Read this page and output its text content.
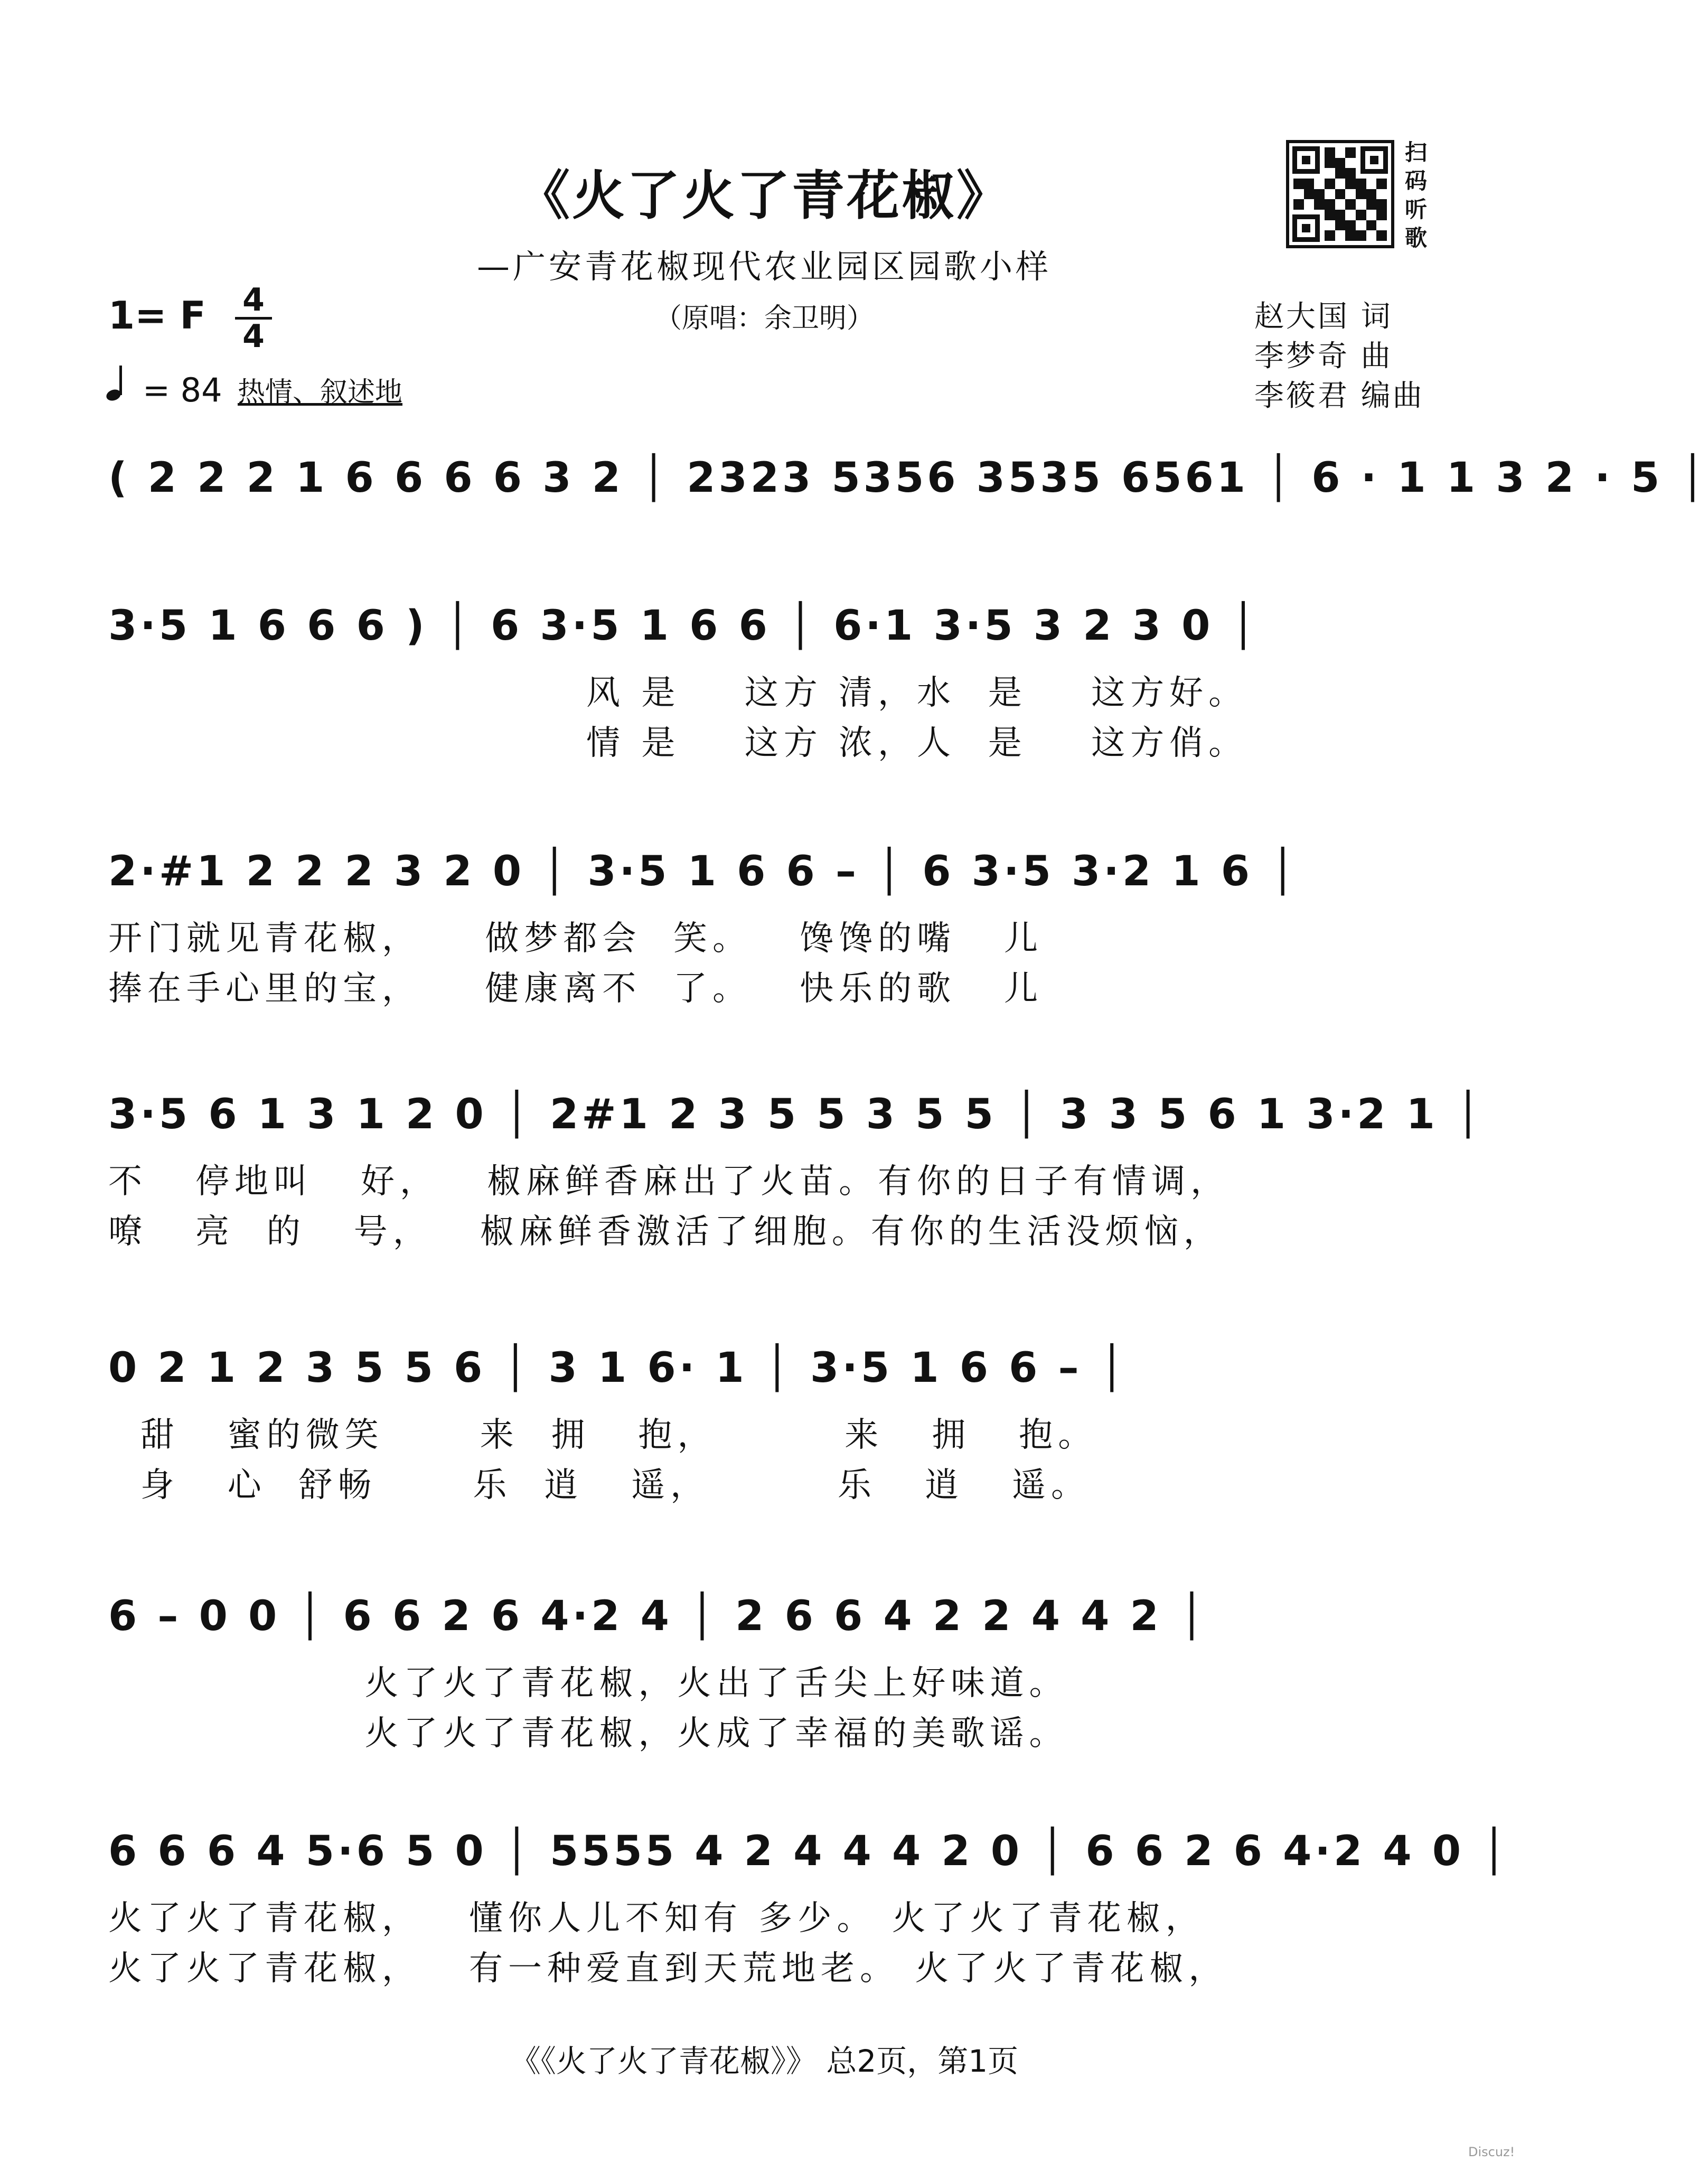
《火了火了青花椒》
—广安青花椒现代农业园区园歌小样
（原唱：余卫明）
1= F 4
4
= 84 热情、叙述地
赵大国 词
李梦奇 曲
李筱君 编曲
扫码听歌
( 2 2 2 1 6 6 6 6 3 2 │ 2323 5356 3535 6561 │ 6 · 1 1 3 2 · 5 │
3·5 1 6 6 6 ) │ 6 3·5 1 6 6 │ 6·1 3·5 3 2 3 0 │
风 是    这方 清，水  是    这方好。
情 是    这方 浓，人  是    这方俏。
2·#1 2 2 2 3 2 0 │ 3·5 1 6 6 – │ 6 3·5 3·2 1 6 │
开门就见青花椒，    做梦都会  笑。   馋馋的嘴   儿
捧在手心里的宝，    健康离不  了。   快乐的歌   儿
3·5 6 1 3 1 2 0 │ 2#1 2 3 5 5 3 5 5 │ 3 3 5 6 1 3·2 1 │
不   停地叫   好，   椒麻鲜香麻出了火苗。有你的日子有情调，
嘹   亮  的   号，   椒麻鲜香激活了细胞。有你的生活没烦恼，
0 2 1 2 3 5 5 6 │ 3 1 6· 1 │ 3·5 1 6 6 – │
甜   蜜的微笑      来  拥   抱，        来   拥   抱。
身   心  舒畅      乐  逍   遥，        乐   逍   遥。
6 – 0 0 │ 6 6 2 6 4·2 4 │ 2 6 6 4 2 2 4 4 2 │
火了火了青花椒，火出了舌尖上好味道。
火了火了青花椒，火成了幸福的美歌谣。
6 6 6 4 5·6 5 0 │ 5555 4 2 4 4 4 2 0 │ 6 6 2 6 4·2 4 0 │
火了火了青花椒，   懂你人儿不知有 多少。 火了火了青花椒，
火了火了青花椒，   有一种爱直到天荒地老。 火了火了青花椒，
《《火了火了青花椒》》 总2页，第1页
Discuz!
